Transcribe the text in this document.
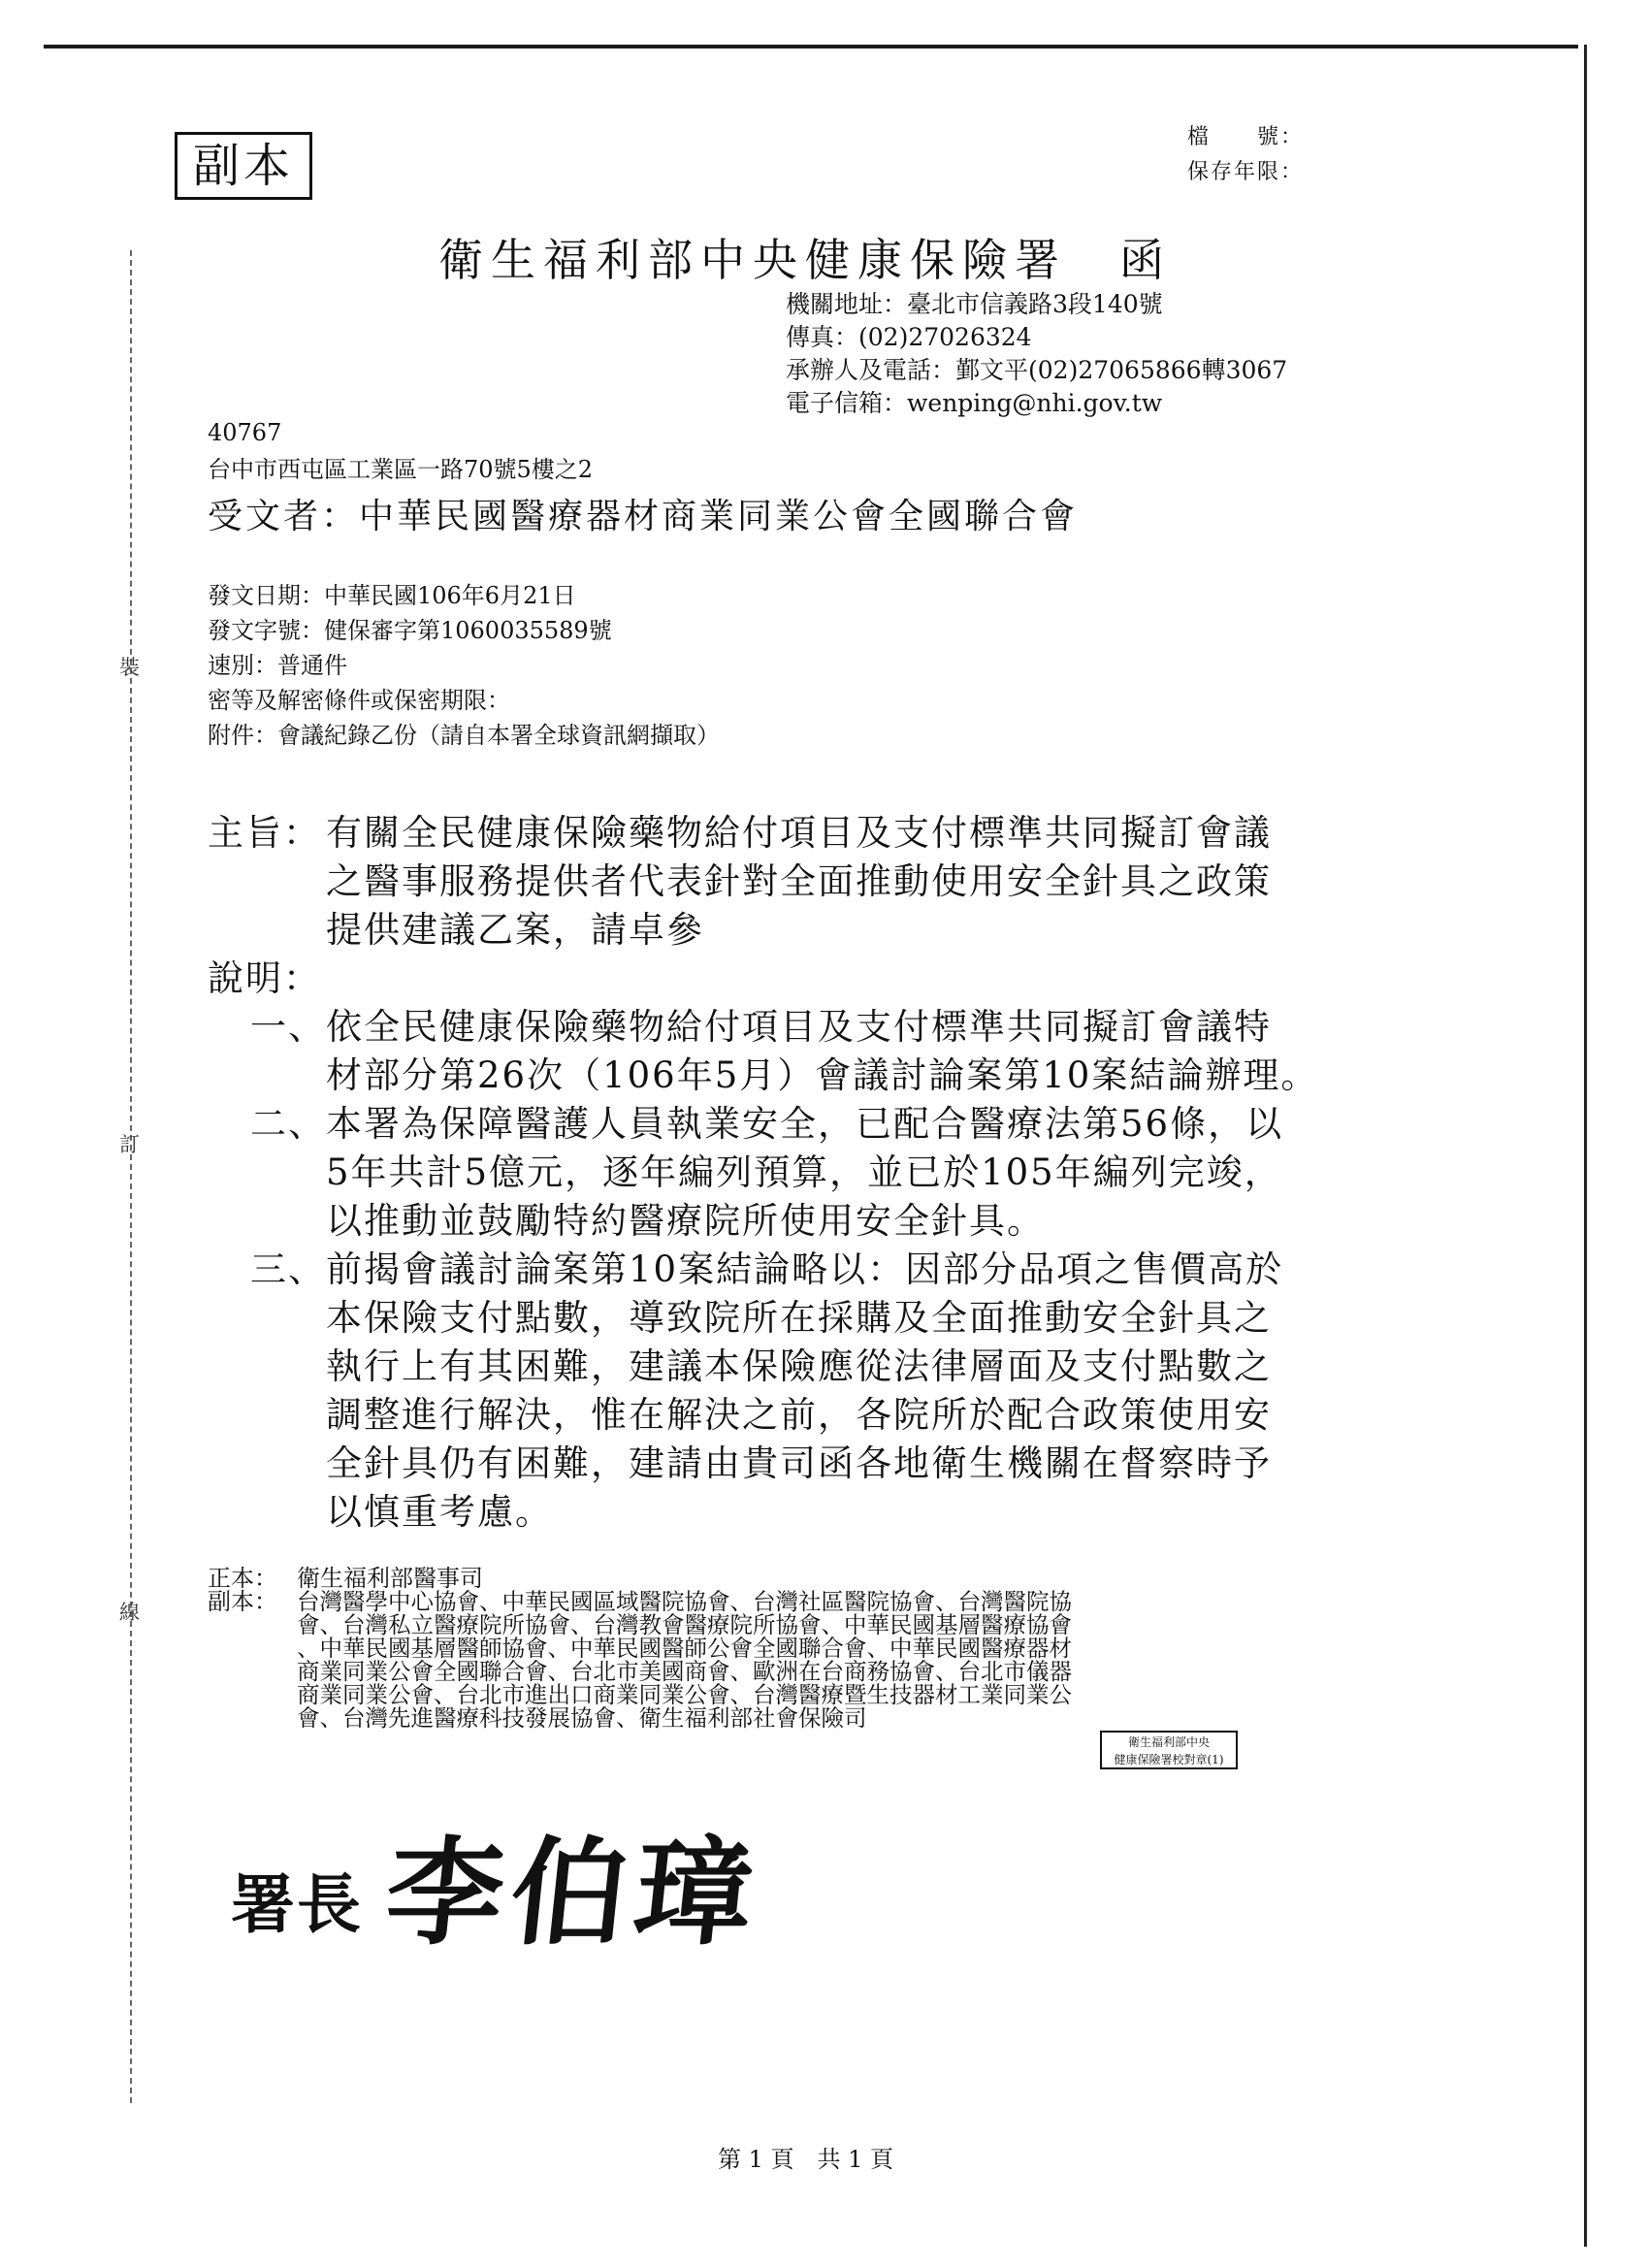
裝
訂
線
副本
檔　　號：
保存年限：
衛生福利部中央健康保險署　函
機關地址：臺北市信義路3段140號
傳真：(02)27026324
承辦人及電話：鄞文平(02)27065866轉3067
電子信箱：wenping@nhi.gov.tw
40767
台中市西屯區工業區一路70號5樓之2
受文者：中華民國醫療器材商業同業公會全國聯合會
發文日期：中華民國106年6月21日
發文字號：健保審字第1060035589號
速別：普通件
密等及解密條件或保密期限：
附件：會議紀錄乙份（請自本署全球資訊網擷取）
主旨： 有關全民健康保險藥物給付項目及支付標準共同擬訂會議
之醫事服務提供者代表針對全面推動使用安全針具之政策
提供建議乙案，請卓參
說明：
一、 依全民健康保險藥物給付項目及支付標準共同擬訂會議特
材部分第26次（106年5月）會議討論案第10案結論辦理。
二、 本署為保障醫護人員執業安全，已配合醫療法第56條，以
5年共計5億元，逐年編列預算，並已於105年編列完竣，
以推動並鼓勵特約醫療院所使用安全針具。
三、 前揭會議討論案第10案結論略以：因部分品項之售價高於
本保險支付點數，導致院所在採購及全面推動安全針具之
執行上有其困難，建議本保險應從法律層面及支付點數之
調整進行解決，惟在解決之前，各院所於配合政策使用安
全針具仍有困難，建請由貴司函各地衛生機關在督察時予
以慎重考慮。
正本： 衛生福利部醫事司
副本： 台灣醫學中心協會、中華民國區域醫院協會、台灣社區醫院協會、台灣醫院協
會、台灣私立醫療院所協會、台灣教會醫療院所協會、中華民國基層醫療協會
、中華民國基層醫師協會、中華民國醫師公會全國聯合會、中華民國醫療器材
商業同業公會全國聯合會、台北市美國商會、歐洲在台商務協會、台北市儀器
商業同業公會、台北市進出口商業同業公會、台灣醫療暨生技器材工業同業公
會、台灣先進醫療科技發展協會、衛生福利部社會保險司
衛生福利部中央
健康保險署校對章(1)
署長 李伯璋
第 1 頁　共 1 頁
